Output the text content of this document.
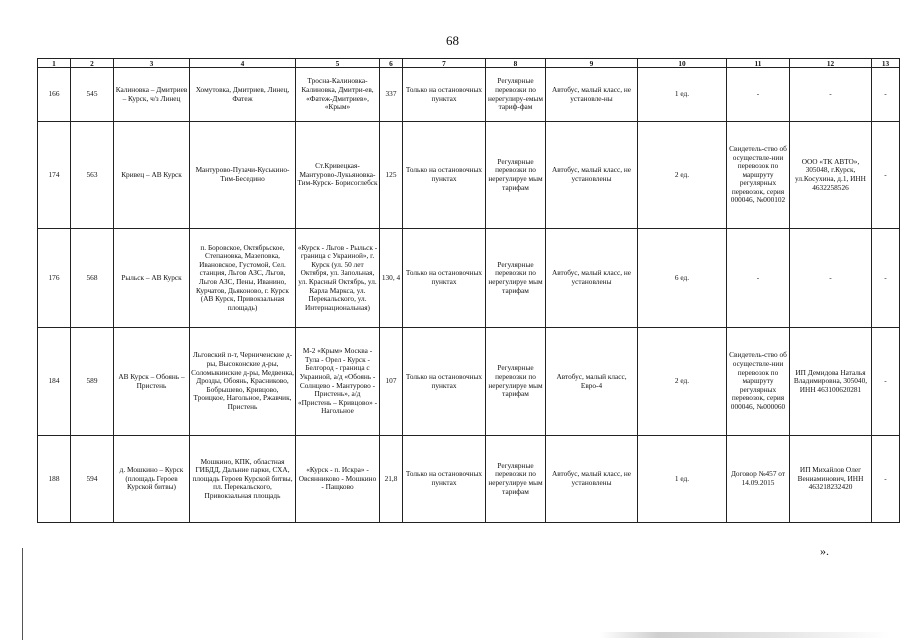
68
1	2	3	4	5	6	7	8	9	10	11	12	13
166	545	Калиновка – Дмитриев – Курск, ч/з Линец	Хомутовка, Дмитриев, Линец, Фатеж	Тросна-Калиновка-Калиновка, Дмитри-ев, «Фатеж-Дмитриев», «Крым»	337	Только на остановочных пунктах	Регулярные перевозки по нерегулиру-емым тариф-фам	Автобус, малый класс, не установле-ны	1 ед.	-	-	-
174	563	Кривец – АВ Курск	Мантурово-Пузачи-Куськино-Тим-Беседино	Ст.Кривецкая-Мантурово-Лукьяновка- Тим-Курск- Борисоглебск	125	Только на остановочных пунктах	Регулярные перевозки по нерегулируе мым тарифам	Автобус, малый класс, не установлены	2 ед.	Свидетель-ство об осуществле-нии перевозок по маршруту регулярных перевозок, серия 000046, №000102	ООО «ТК АВТО», 305048, г.Курск, ул.Косухина, д.1, ИНН 4632258526	-
176	568	Рыльск – АВ Курск	п. Боровское, Октябрьское, Степановка, Мазеповка, Ивановское, Густомой, Сел. станция, Льгов АЗС, Льгов, Льгов АЗС, Пены, Иванино, Курчатов, Дьяконово, г. Курск (АВ Курск, Привокзальная площадь)	«Курск - Льгов - Рыльск - граница с Украиной», г. Курск (ул. 50 лет Октября, ул. Запольная, ул. Красный Октябрь, ул. Карла Маркса, ул. Перекальского, ул. Интернациональная)	130, 4	Только на остановочных пунктах	Регулярные перевозки по нерегулируе мым тарифам	Автобус, малый класс, не установлены	6 ед.	-	-	-
184	589	АВ Курск – Обоянь – Пристень	Льговский п-т, Черниченские д-ры, Высоконские д-ры, Соломыкинские д-ры, Медвенка, Дрозды, Обоянь, Красниково, Бобрышево, Кривцово, Троицкое, Нагольное, Ржавчик, Пристень	М-2 «Крым» Москва - Тула - Орел - Курск - Белгород - граница с Украиной, а/д «Обоянь - Солнцево - Мантурово - Пристень», а/д «Пристень – Кривцово» - Нагольное	107	Только на остановочных пунктах	Регулярные перевозки по нерегулируе мым тарифам	Автобус, малый класс, Евро-4	2 ед.	Свидетель-ство об осуществле-нии перевозок по маршруту регулярных перевозок, серия 000046, №000060	ИП Демидова Наталья Владимировна, 305040, ИНН 463100620281	-
188	594	д. Мошкино – Курск (площадь Героев Курской битвы)	Мошкино, КПК, областная ГИБДД, Дальние парки, СХА, площадь Героев Курской битвы, пл. Перекальского, Привокзальная площадь	«Курск - п. Искра» - Овсянниково - Мошкино - Пащково	21,8	Только на остановочных пунктах	Регулярные перевозки по нерегулируе мым тарифам	Автобус, малый класс, не установлены	1 ед.	Договор №457 от 14.09.2015	ИП Михайлов Олег Вениаминович, ИНН 463218232420	-
».
